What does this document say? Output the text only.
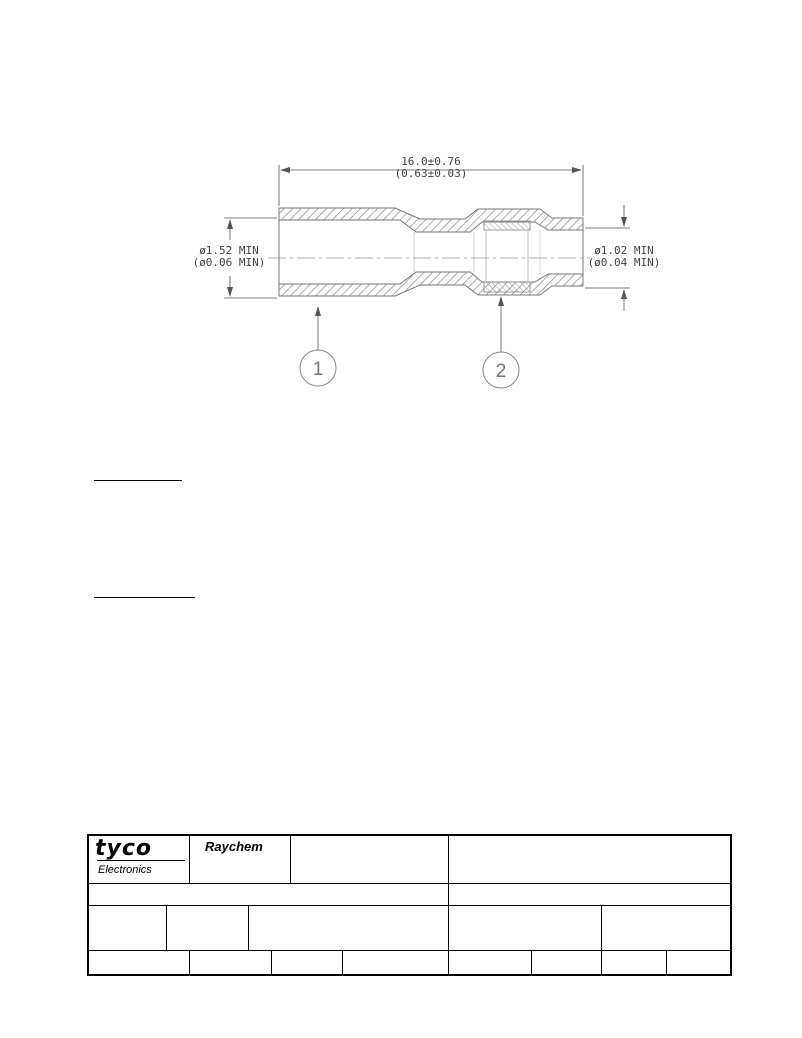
16.0±0.76
(0.63±0.03)
ø1.52 MIN
(ø0.06 MIN)
ø1.02 MIN
(ø0.04 MIN)
1	2
tyco
Electronics
Raychem
